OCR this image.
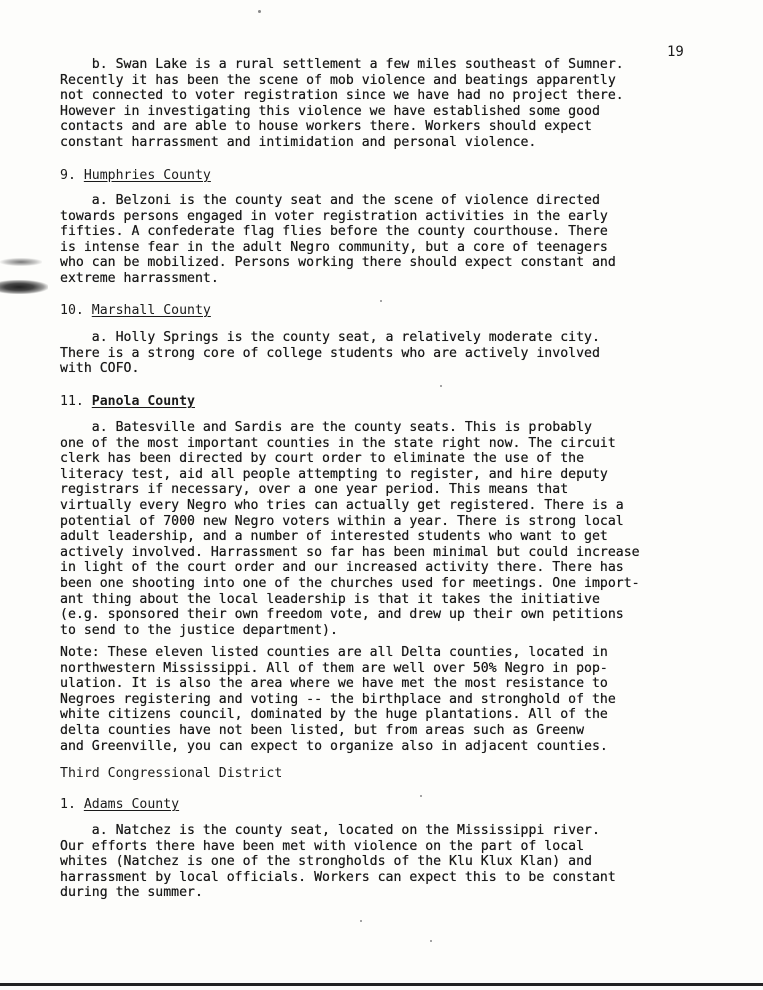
19

b. Swan Lake is a rural settlement a few miles southeast of Sumner.
Recently it has been the scene of mob violence and beatings apparently
not connected to voter registration since we have had no project there.
However in investigating this violence we have established some good
contacts and are able to house workers there. Workers should expect
constant harrassment and intimidation and personal violence.

9. Humphries County

a. Belzoni is the county seat and the scene of violence directed
towards persons engaged in voter registration activities in the early
fifties. A confederate flag flies before the county courthouse. There
is intense fear in the adult Negro community, but a core of teenagers
who can be mobilized. Persons working there should expect constant and
extreme harrassment.

10. Marshall County

a. Holly Springs is the county seat, a relatively moderate city.
There is a strong core of college students who are actively involved
with COFO.

11. Panola County

a. Batesville and Sardis are the county seats. This is probably
one of the most important counties in the state right now. The circuit
clerk has been directed by court order to eliminate the use of the
literacy test, aid all people attempting to register, and hire deputy
registrars if necessary, over a one year period. This means that
virtually every Negro who tries can actually get registered. There is a
potential of 7000 new Negro voters within a year. There is strong local
adult leadership, and a number of interested students who want to get
actively involved. Harrassment so far has been minimal but could increase
in light of the court order and our increased activity there. There has
been one shooting into one of the churches used for meetings. One import-
ant thing about the local leadership is that it takes the initiative
(e.g. sponsored their own freedom vote, and drew up their own petitions
to send to the justice department).

Note: These eleven listed counties are all Delta counties, located in
northwestern Mississippi. All of them are well over 50% Negro in pop-
ulation. It is also the area where we have met the most resistance to
Negroes registering and voting -- the birthplace and stronghold of the
white citizens council, dominated by the huge plantations. All of the
delta counties have not been listed, but from areas such as Greenw
and Greenville, you can expect to organize also in adjacent counties.

Third Congressional District
1. Adams County

a. Natchez is the county seat, located on the Mississippi river.
Our efforts there have been met with violence on the part of local
whites (Natchez is one of the strongholds of the Klu Klux Klan) and
harrassment by local officials. Workers can expect this to be constant
during the summer.
